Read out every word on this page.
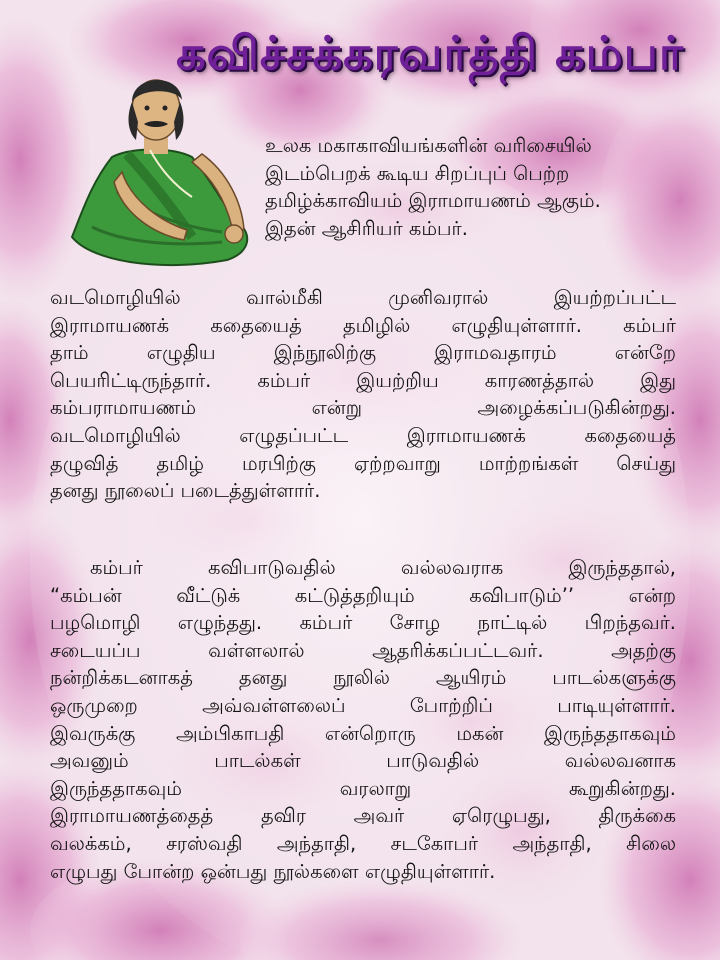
கவிச்சக்கரவர்த்தி கம்பர்
உலக மகாகாவியங்களின் வரிசையில்
இடம்பெறக் கூடிய சிறப்புப் பெற்ற
தமிழ்க்காவியம் இராமாயணம் ஆகும்.
இதன் ஆசிரியர் கம்பர்.
வடமொழியில் வால்மீகி முனிவரால் இயற்றப்பட்ட
இராமாயணக் கதையைத் தமிழில் எழுதியுள்ளார். கம்பர்
தாம் எழுதிய இந்நூலிற்கு இராமவதாரம் என்றே
பெயரிட்டிருந்தார். கம்பர் இயற்றிய காரணத்தால் இது
கம்பராமாயணம் என்று அழைக்கப்படுகின்றது.
வடமொழியில் எழுதப்பட்ட இராமாயணக் கதையைத்
தழுவித் தமிழ் மரபிற்கு ஏற்றவாறு மாற்றங்கள் செய்து
தனது நூலைப் படைத்துள்ளார்.
கம்பர் கவிபாடுவதில் வல்லவராக இருந்ததால்,
“கம்பன் வீட்டுக் கட்டுத்தறியும் கவிபாடும்’’ என்ற
பழமொழி எழுந்தது. கம்பர் சோழ நாட்டில் பிறந்தவர்.
சடையப்ப வள்ளலால் ஆதரிக்கப்பட்டவர். அதற்கு
நன்றிக்கடனாகத் தனது நூலில் ஆயிரம் பாடல்களுக்கு
ஒருமுறை அவ்வள்ளலைப் போற்றிப் பாடியுள்ளார்.
இவருக்கு அம்பிகாபதி என்றொரு மகன் இருந்ததாகவும்
அவனும் பாடல்கள் பாடுவதில் வல்லவனாக
இருந்ததாகவும் வரலாறு கூறுகின்றது.
இராமாயணத்தைத் தவிர அவர் ஏரெழுபது, திருக்கை
வலக்கம், சரஸ்வதி அந்தாதி, சடகோபர் அந்தாதி, சிலை
எழுபது போன்ற ஒன்பது நூல்களை எழுதியுள்ளார்.
